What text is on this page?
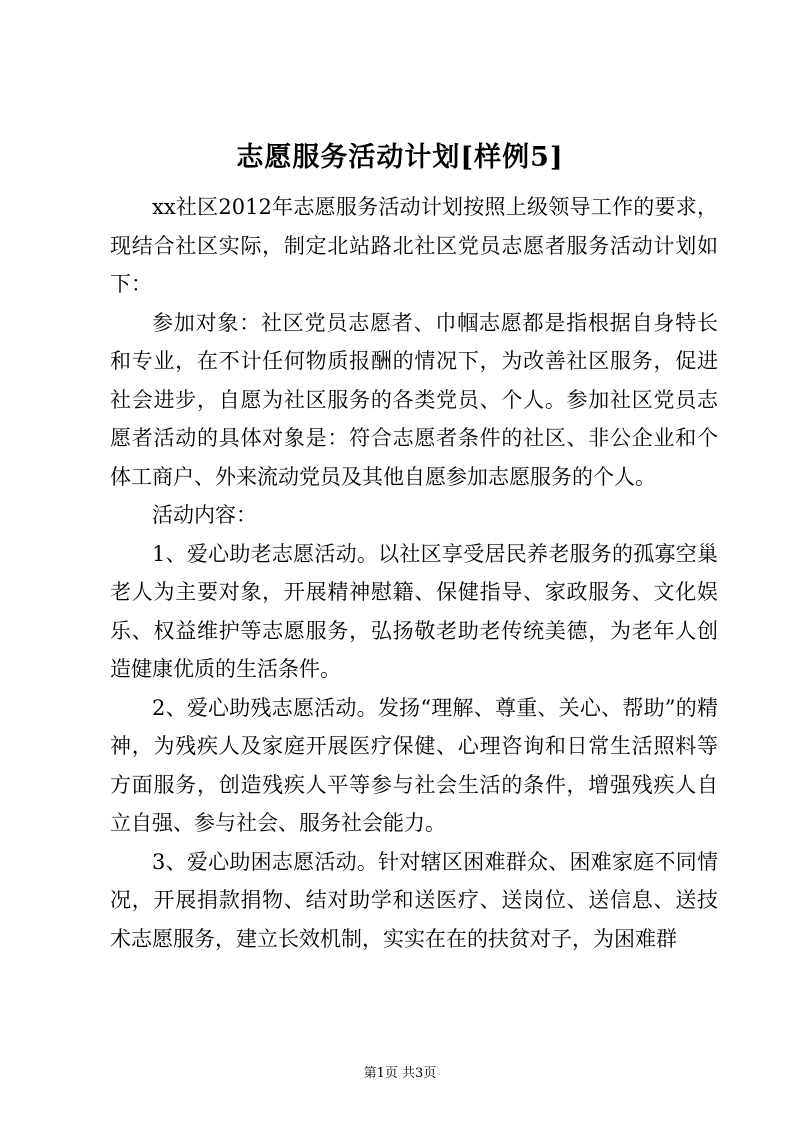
志愿服务活动计划[样例5]

xx社区2012年志愿服务活动计划按照上级领导工作的要求，现结合社区实际，制定北站路北社区党员志愿者服务活动计划如下：

参加对象：社区党员志愿者、巾帼志愿都是指根据自身特长和专业，在不计任何物质报酬的情况下，为改善社区服务，促进社会进步，自愿为社区服务的各类党员、个人。参加社区党员志愿者活动的具体对象是：符合志愿者条件的社区、非公企业和个体工商户、外来流动党员及其他自愿参加志愿服务的个人。

活动内容：

1、爱心助老志愿活动。以社区享受居民养老服务的孤寡空巢老人为主要对象，开展精神慰籍、保健指导、家政服务、文化娱乐、权益维护等志愿服务，弘扬敬老助老传统美德，为老年人创造健康优质的生活条件。

2、爱心助残志愿活动。发扬“理解、尊重、关心、帮助”的精神，为残疾人及家庭开展医疗保健、心理咨询和日常生活照料等方面服务，创造残疾人平等参与社会生活的条件，增强残疾人自立自强、参与社会、服务社会能力。

3、爱心助困志愿活动。针对辖区困难群众、困难家庭不同情况，开展捐款捐物、结对助学和送医疗、送岗位、送信息、送技术志愿服务，建立长效机制，实实在在的扶贫对子，为困难群

第1页 共3页
